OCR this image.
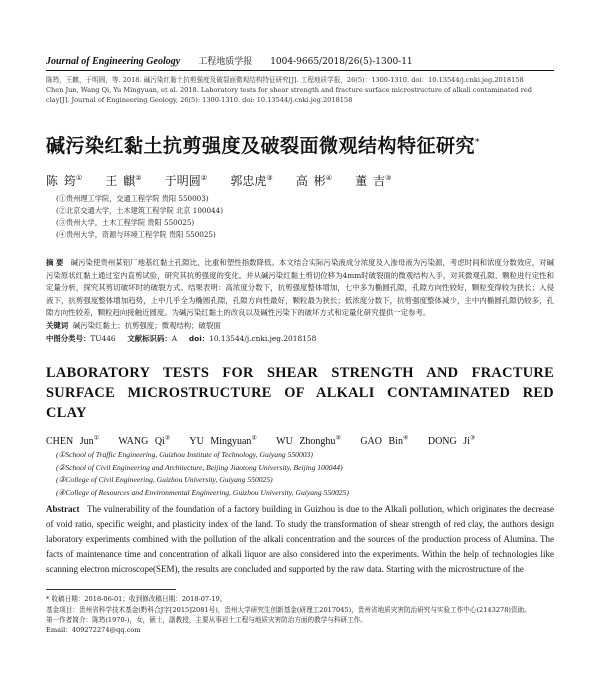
Journal of Engineering Geology 工程地质学报 1004-9665/2018/26(5)-1300-11
陈筠，王麒，于明圆，等. 2018. 碱污染红黏土抗剪强度及破裂面微观结构特征研究[J]. 工程地质学报，26(5)：1300-1310. doi：10.13544/j.cnki.jeg.2018158
Chen Jun, Wang Qi, Yu Mingyuan, et al. 2018. Laboratory tests for shear strength and fracture surface microstructure of alkali contaminated red clay[J]. Journal of Engineering Geology, 26(5): 1300-1310. doi: 10.13544/j.cnki.jeg.2018158
碱污染红黏土抗剪强度及破裂面微观结构特征研究*
陈 筠① 王 麒② 于明圆② 郭忠虎③ 高 彬④ 董 吉③
(①贵州理工学院，交通工程学院 贵阳 550003)
(②北京交通大学，土木建筑工程学院 北京 100044)
(③贵州大学，土木工程学院 贵阳 550025)
(④贵州大学，资源与环境工程学院 贵阳 550025)
摘 要 碱污染使贵州某铝厂地基红黏土孔隙比、比重和塑性指数降低。本文结合实际污染液成分浓度及入渗母液为污染源，考虑时间和浓度分数效应，对碱污染原状红黏土通过室内直剪试验，研究其抗剪强度的变化。并从碱污染红黏土剪切位移为4mm时破裂面的微观结构入手，对其微观孔隙、颗粒进行定性和定量分析，探究其剪切破坏时的破裂方式。结果表明：高浓度分数下，抗剪强度整体增加，七中多为椭圆孔隙，孔隙方向性较好，颗粒变得较为狭长；入侵液下，抗剪强度整体增加趋势，上中几乎全为椭圆孔隙，孔隙方向性最好，颗粒最为狭长；低浓度分数下，抗剪强度整体减少，主中内椭圆孔隙仍较多，孔隙方向性较差，颗粒趋向接触近圆度。为碱污染红黏土的改良以及碱性污染下的破坏方式和定量化研究提供一定参考。
关键词 碱污染红黏土；抗剪强度；微观结构；破裂面
中图分类号：TU446 文献标识码：A doi：10.13544/j.cnki.jeg.2018158
LABORATORY TESTS FOR SHEAR STRENGTH AND FRACTURE SURFACE MICROSTRUCTURE OF ALKALI CONTAMINATED RED CLAY
CHEN Jun① WANG Qi② YU Mingyuan② WU Zhonghu③ GAO Bin④ DONG Ji③
(①School of Traffic Engineering, Guizhou Institute of Technology, Guiyang 550003)
(②School of Civil Engineering and Architecture, Beijing Jiaotong University, Beijing 100044)
(③College of Civil Engineering, Guizhou University, Guiyang 550025)
(④College of Resources and Environmental Engineering, Guizhou University, Guiyang 550025)
Abstract The vulnerability of the foundation of a factory building in Guizhou is due to the Alkali pollution, which originates the decrease of void ratio, specific weight, and plasticity index of the land. To study the transformation of shear strength of red clay, the authors design laboratory experiments combined with the pollution of the alkali concentration and the sources of the production process of Alumina. The facts of maintenance time and concentration of alkali liquor are also considered into the experiments. Within the help of technologies like scanning electron microscope(SEM), the results are concluded and supported by the raw data. Starting with the microstructure of the
* 收稿日期：2018-06-01；收到修改稿日期：2018-07-19。
基金项目：贵州省科学技术基金(黔科合J字[2015]2081号)，贵州大学研究生创新基金(研理工2017045)，贵州省地质灾害防治研究与实验工作中心(2143278)资助。
第一作者简介：陈筠(1970-)，女，硕士，副教授，主要从事岩土工程与地质灾害防治方面的教学与科研工作。
Email：409272274@qq.com
